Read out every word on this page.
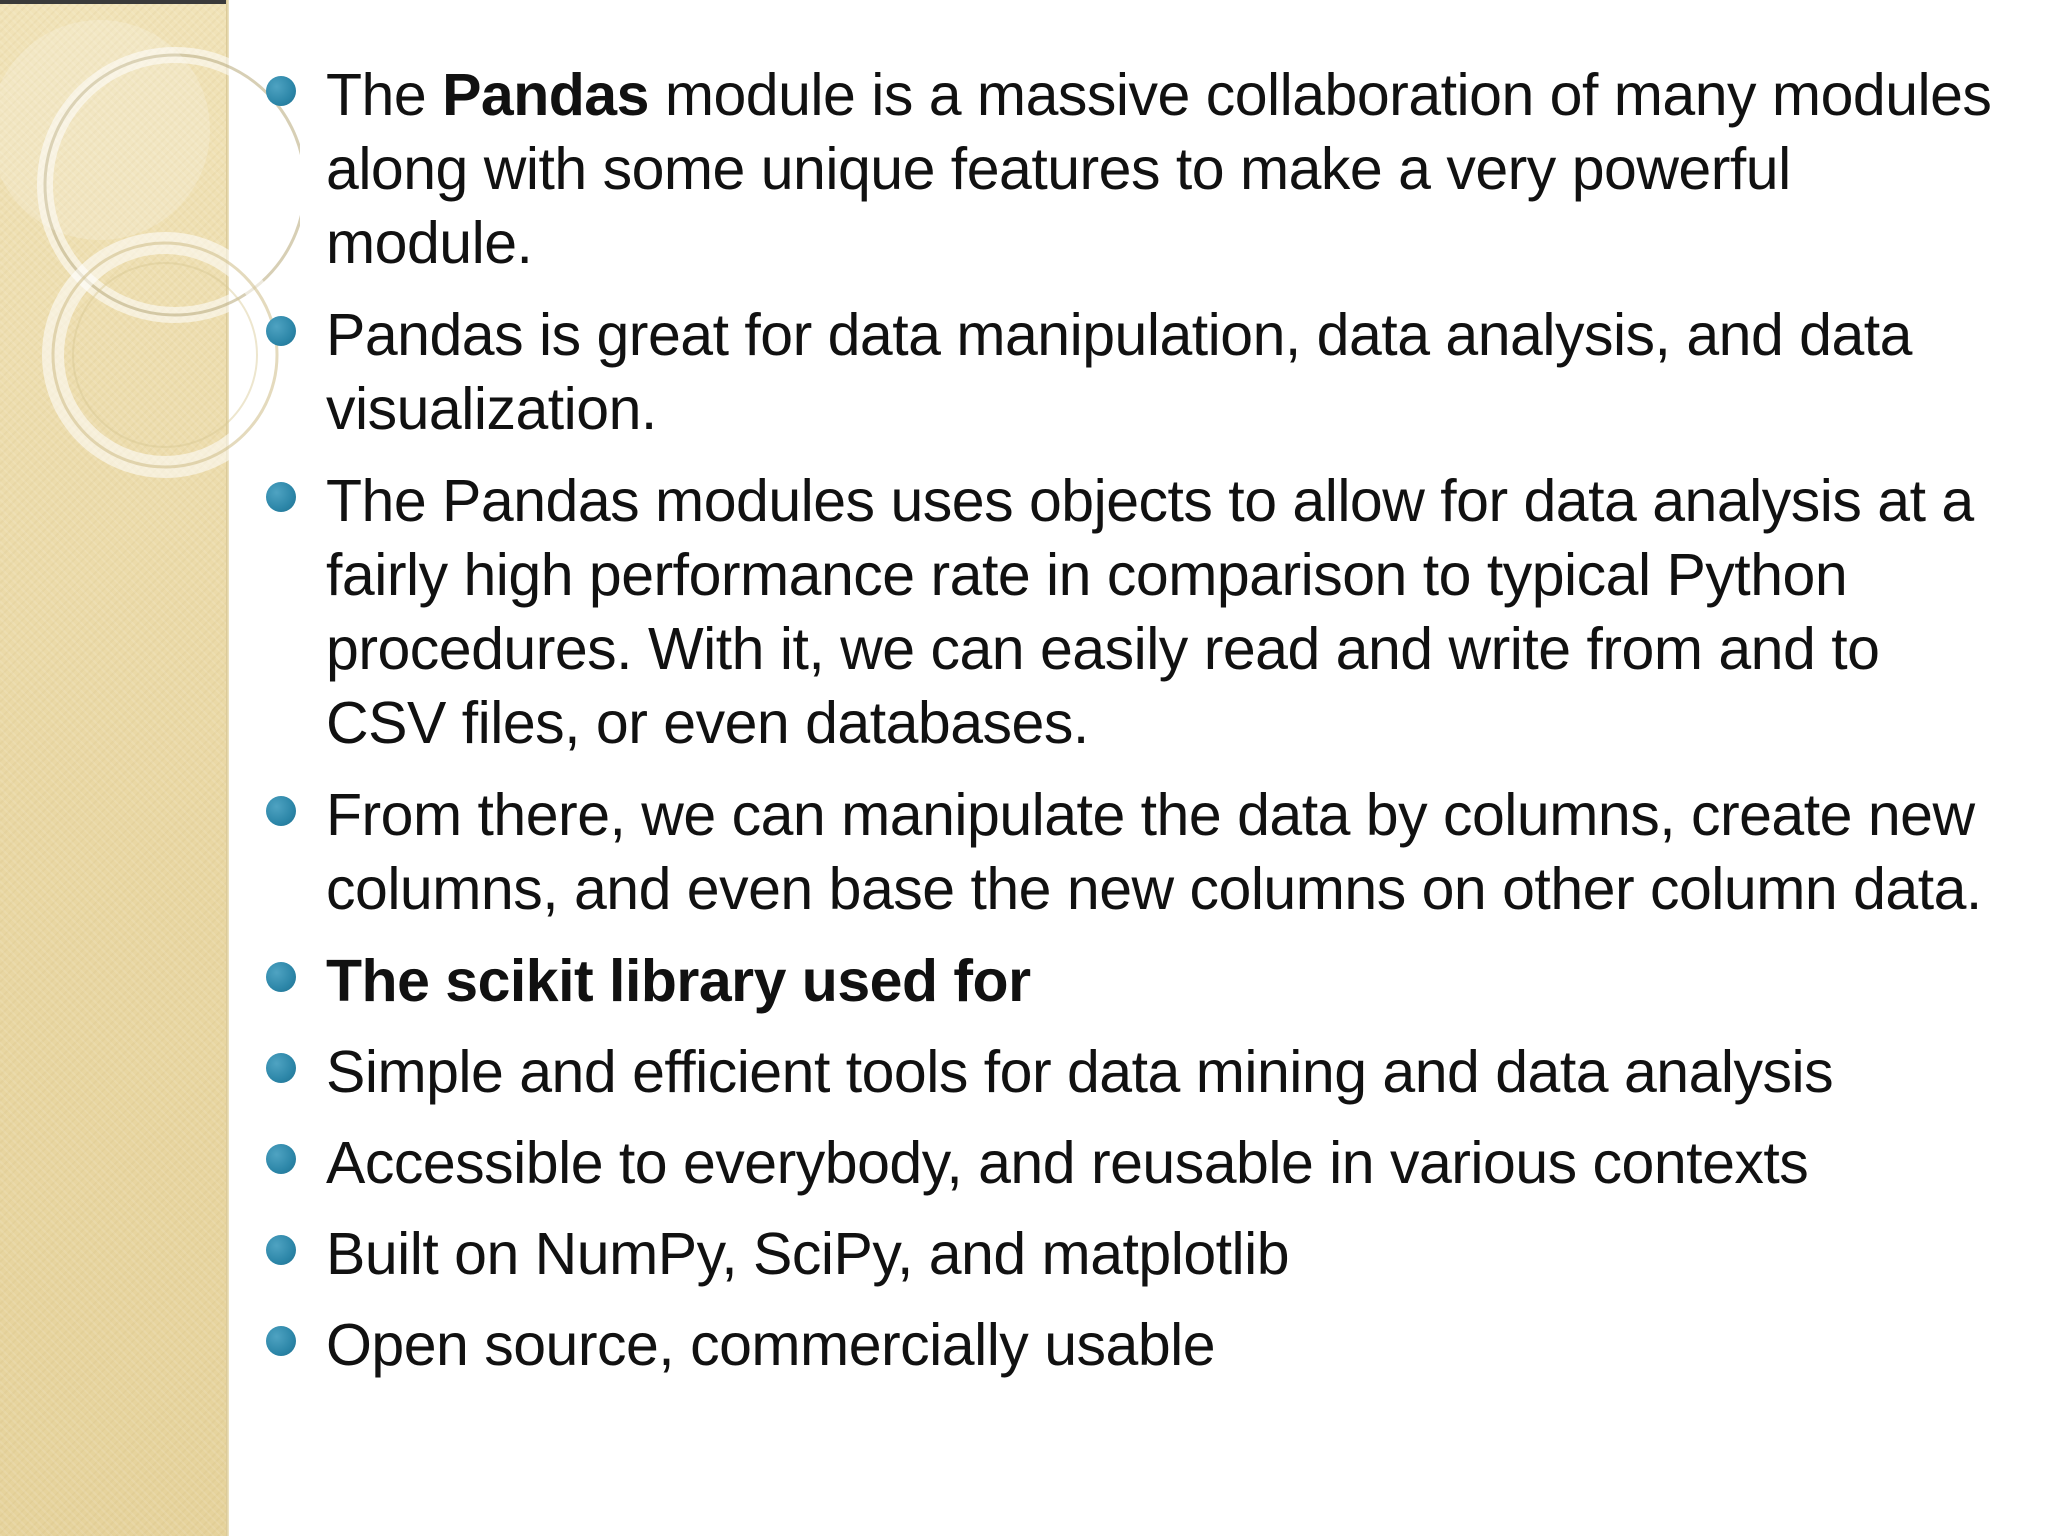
The Pandas module is a massive collaboration of many modules along with some unique features to make a very powerful module.
Pandas is great for data manipulation, data analysis, and data visualization.
The Pandas modules uses objects to allow for data analysis at a fairly high performance rate in comparison to typical Python procedures. With it, we can easily read and write from and to CSV files, or even databases.
From there, we can manipulate the data by columns, create new columns, and even base the new columns on other column data.
The scikit library used for
Simple and efficient tools for data mining and data analysis
Accessible to everybody, and reusable in various contexts
Built on NumPy, SciPy, and matplotlib
Open source, commercially usable
